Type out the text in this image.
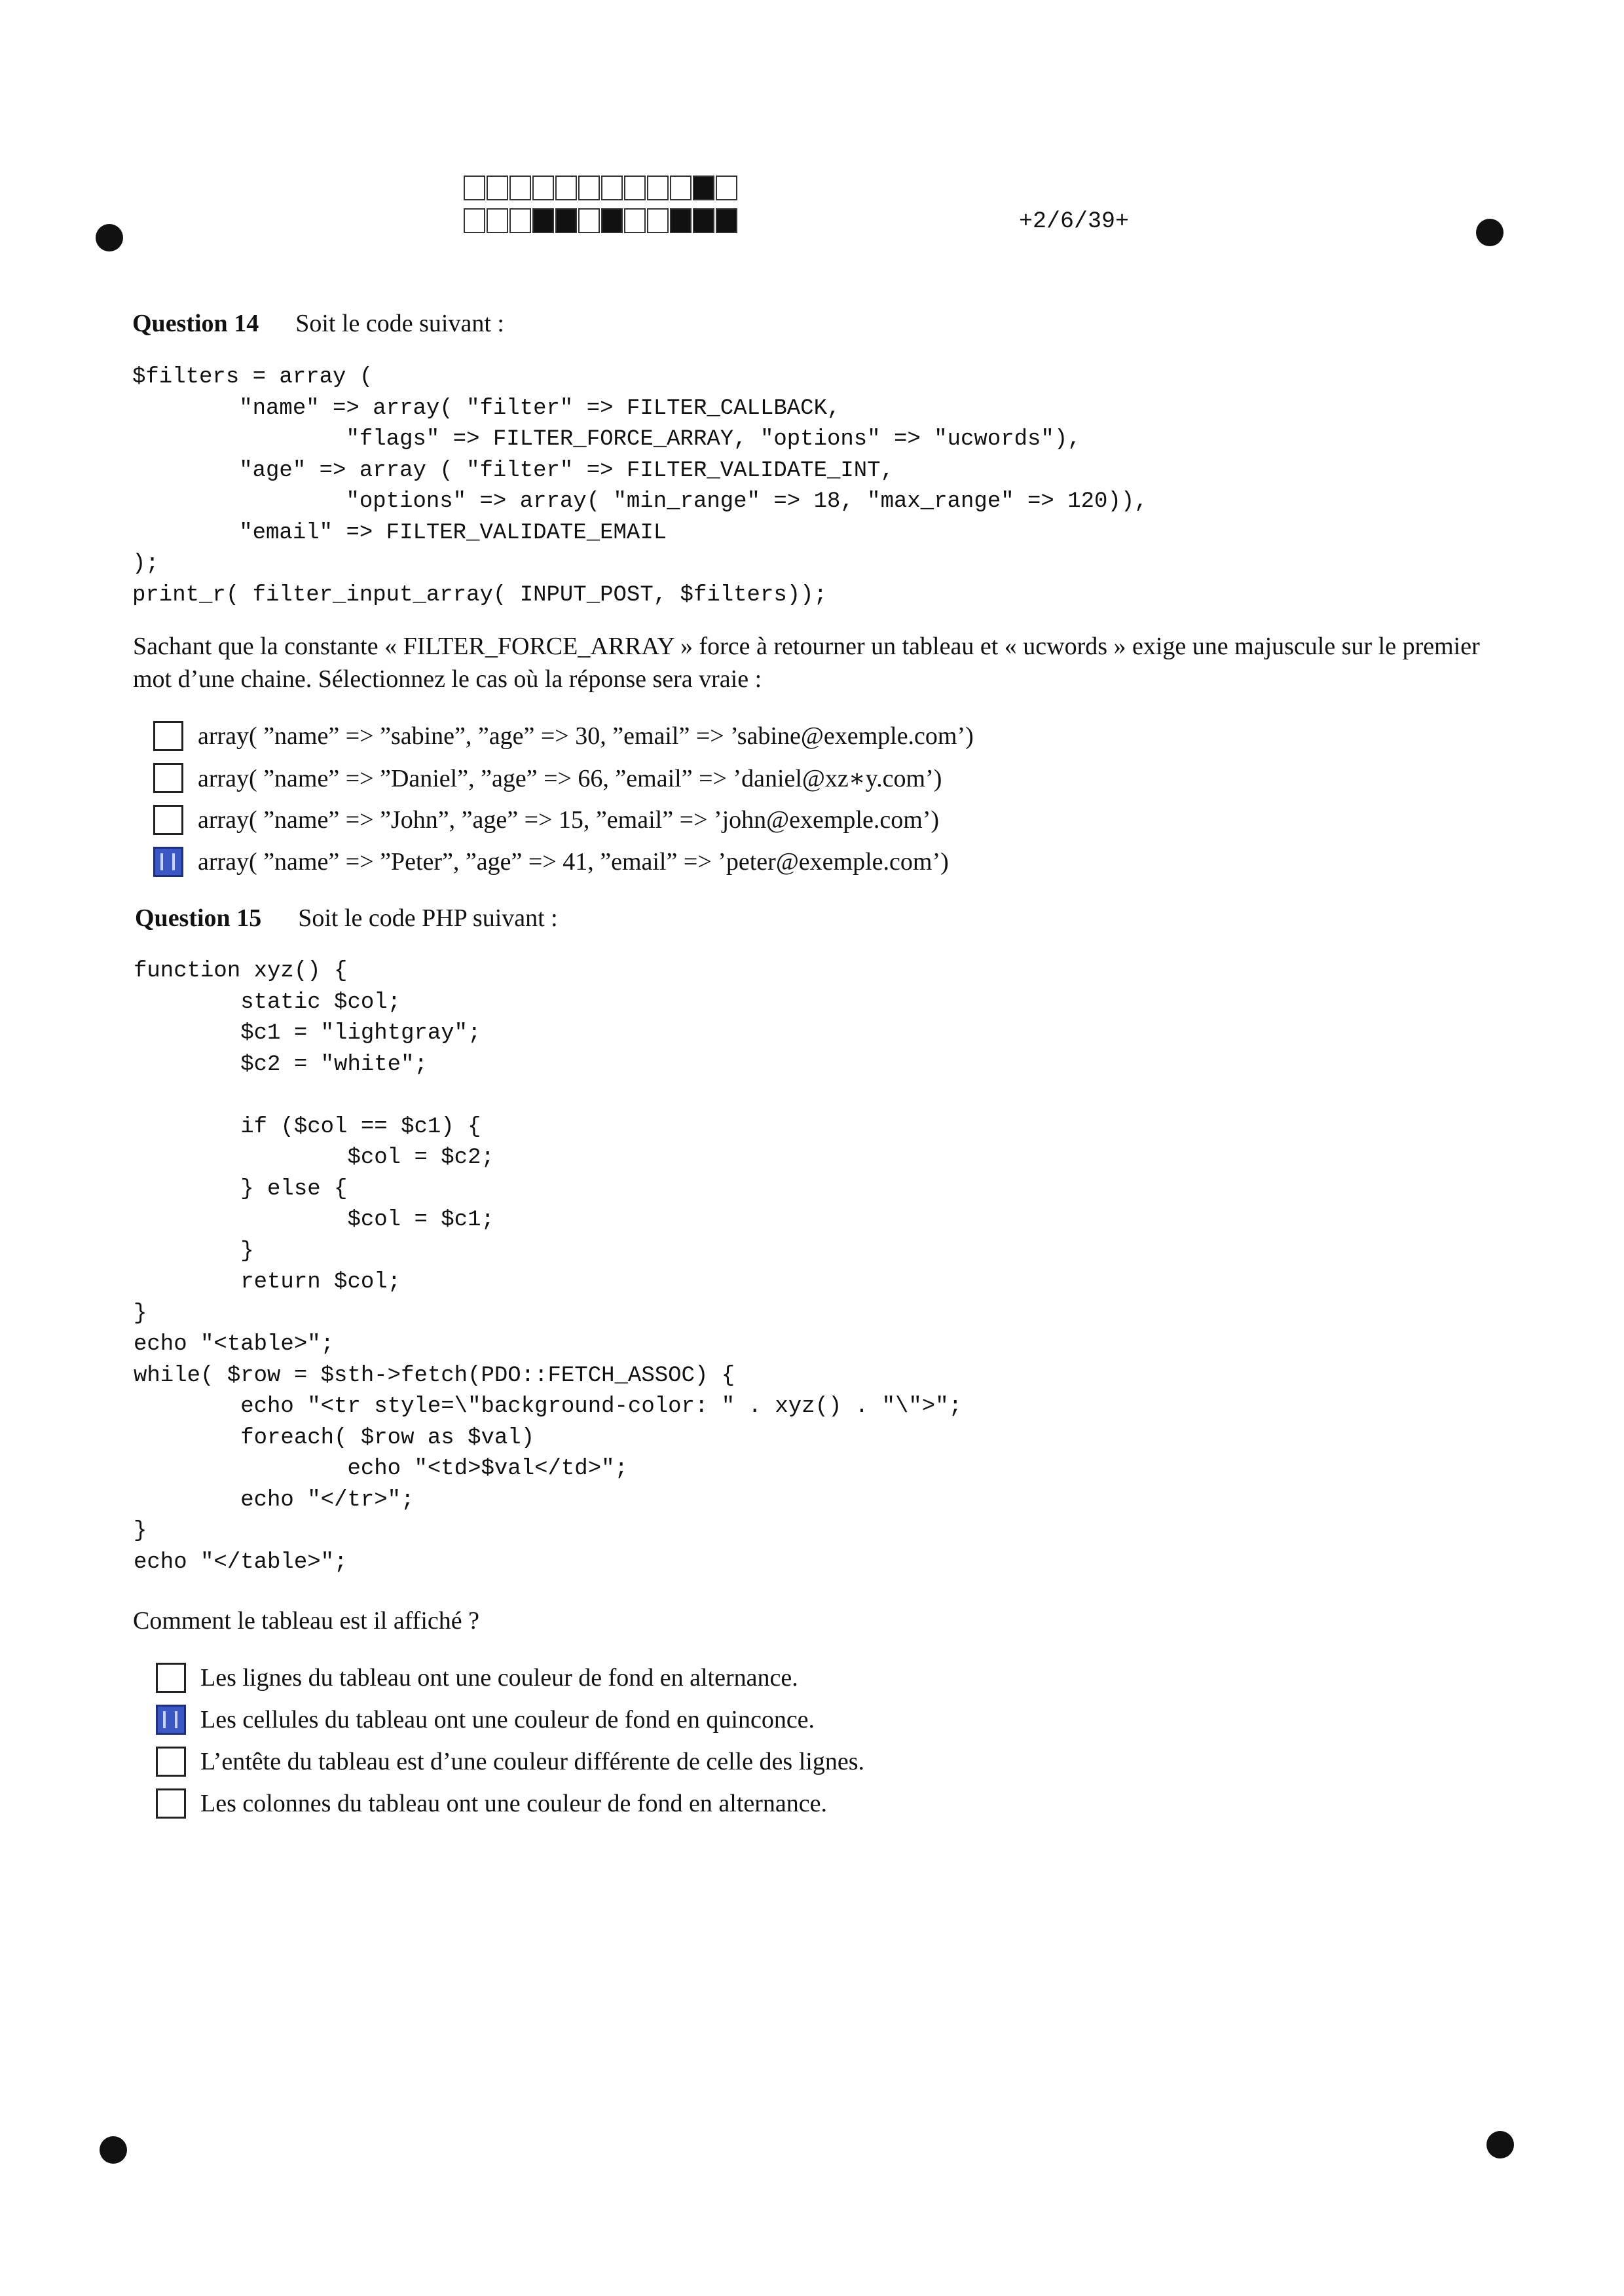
+2/6/39+
Question 14 Soit le code suivant :
$filters = array (
"name" => array( "filter" => FILTER_CALLBACK,
"flags" => FILTER_FORCE_ARRAY, "options" => "ucwords"),
"age" => array ( "filter" => FILTER_VALIDATE_INT,
"options" => array( "min_range" => 18, "max_range" => 120)),
"email" => FILTER_VALIDATE_EMAIL
);
print_r( filter_input_array( INPUT_POST, $filters));

Sachant que la constante « FILTER_FORCE_ARRAY » force à retourner un tableau et « ucwords » exige une majuscule sur le premier mot d’une chaine. Sélectionnez le cas où la réponse sera vraie :

array( ”name” => ”sabine”, ”age” => 30, ”email” => ’sabine@exemple.com’)
array( ”name” => ”Daniel”, ”age” => 66, ”email” => ’daniel@xz∗y.com’)
array( ”name” => ”John”, ”age” => 15, ”email” => ’john@exemple.com’)
array( ”name” => ”Peter”, ”age” => 41, ”email” => ’peter@exemple.com’)
Question 15 Soit le code PHP suivant :
function xyz() {
static $col;
$c1 = "lightgray";
$c2 = "white";

if ($col == $c1) {
$col = $c2;
} else {
$col = $c1;
}
return $col;
}
echo "<table>";
while( $row = $sth->fetch(PDO::FETCH_ASSOC) {
echo "<tr style=\"background-color: " . xyz() . "\">";
foreach( $row as $val)
echo "<td>$val</td>";
echo "</tr>";
}
echo "</table>";

Comment le tableau est il affiché ?

Les lignes du tableau ont une couleur de fond en alternance.
Les cellules du tableau ont une couleur de fond en quinconce.
L’entête du tableau est d’une couleur différente de celle des lignes.
Les colonnes du tableau ont une couleur de fond en alternance.
